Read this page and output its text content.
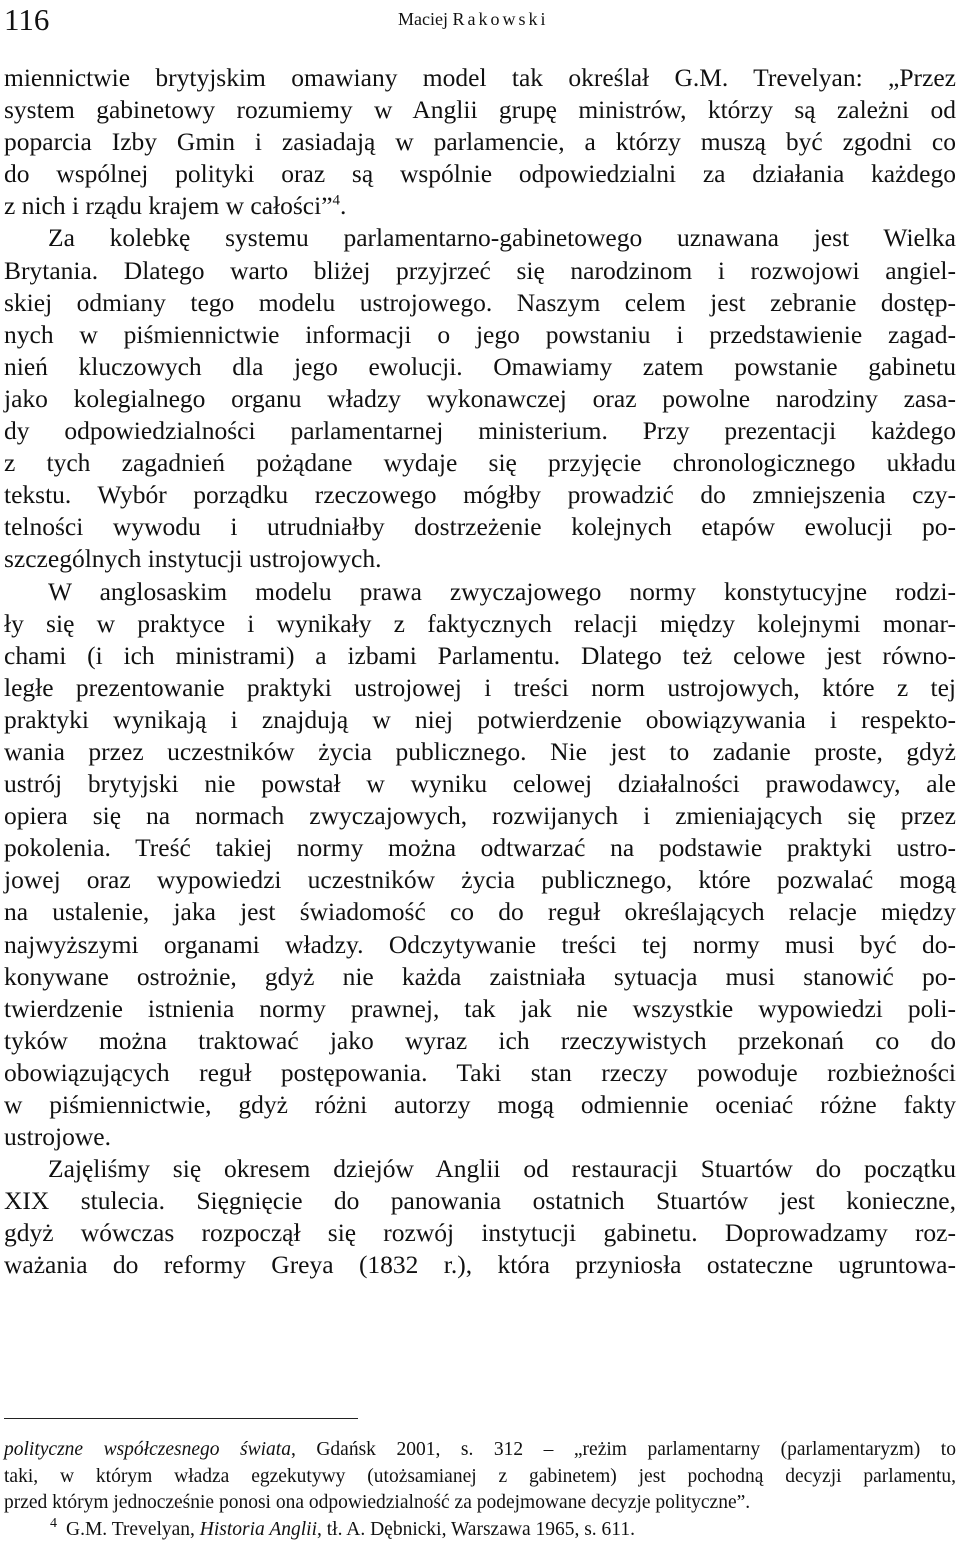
116	Maciej Rakowski
miennictwie brytyjskim omawiany model tak określał G.M. Trevelyan: „Przez
system gabinetowy rozumiemy w Anglii grupę ministrów, którzy są zależni od
poparcia Izby Gmin i zasiadają w parlamencie, a którzy muszą być zgodni co
do wspólnej polityki oraz są wspólnie odpowiedzialni za działania każdego
z nich i rządu krajem w całości”$^4$.
Za kolebkę systemu parlamentarno-gabinetowego uznawana jest Wielka
Brytania. Dlatego warto bliżej przyjrzeć się narodzinom i rozwojowi angiel-
skiej odmiany tego modelu ustrojowego. Naszym celem jest zebranie dostęp-
nych w piśmiennictwie informacji o jego powstaniu i przedstawienie zagad-
nień kluczowych dla jego ewolucji. Omawiamy zatem powstanie gabinetu
jako kolegialnego organu władzy wykonawczej oraz powolne narodziny zasa-
dy odpowiedzialności parlamentarnej ministerium. Przy prezentacji każdego
z tych zagadnień pożądane wydaje się przyjęcie chronologicznego układu
tekstu. Wybór porządku rzeczowego mógłby prowadzić do zmniejszenia czy-
telności wywodu i utrudniałby dostrzeżenie kolejnych etapów ewolucji po-
szczególnych instytucji ustrojowych.
W anglosaskim modelu prawa zwyczajowego normy konstytucyjne rodzi-
ły się w praktyce i wynikały z faktycznych relacji między kolejnymi monar-
chami (i ich ministrami) a izbami Parlamentu. Dlatego też celowe jest równo-
ległe prezentowanie praktyki ustrojowej i treści norm ustrojowych, które z tej
praktyki wynikają i znajdują w niej potwierdzenie obowiązywania i respekto-
wania przez uczestników życia publicznego. Nie jest to zadanie proste, gdyż
ustrój brytyjski nie powstał w wyniku celowej działalności prawodawcy, ale
opiera się na normach zwyczajowych, rozwijanych i zmieniających się przez
pokolenia. Treść takiej normy można odtwarzać na podstawie praktyki ustro-
jowej oraz wypowiedzi uczestników życia publicznego, które pozwalać mogą
na ustalenie, jaka jest świadomość co do reguł określających relacje między
najwyższymi organami władzy. Odczytywanie treści tej normy musi być do-
konywane ostrożnie, gdyż nie każda zaistniała sytuacja musi stanowić po-
twierdzenie istnienia normy prawnej, tak jak nie wszystkie wypowiedzi poli-
tyków można traktować jako wyraz ich rzeczywistych przekonań co do
obowiązujących reguł postępowania. Taki stan rzeczy powoduje rozbieżności
w piśmiennictwie, gdyż różni autorzy mogą odmiennie oceniać różne fakty
ustrojowe.
Zajęliśmy się okresem dziejów Anglii od restauracji Stuartów do początku
XIX stulecia. Sięgnięcie do panowania ostatnich Stuartów jest konieczne,
gdyż wówczas rozpoczął się rozwój instytucji gabinetu. Doprowadzamy roz-
ważania do reformy Greya (1832 r.), która przyniosła ostateczne ugruntowa-
polityczne współczesnego świata, Gdańsk 2001, s. 312 – „reżim parlamentarny (parlamentaryzm) to
taki, w którym władza egzekutywy (utożsamianej z gabinetem) jest pochodną decyzji parlamentu,
przed którym jednocześnie ponosi ona odpowiedzialność za podejmowane decyzje polityczne”.
4 G.M. Trevelyan, Historia Anglii, tł. A. Dębnicki, Warszawa 1965, s. 611.
